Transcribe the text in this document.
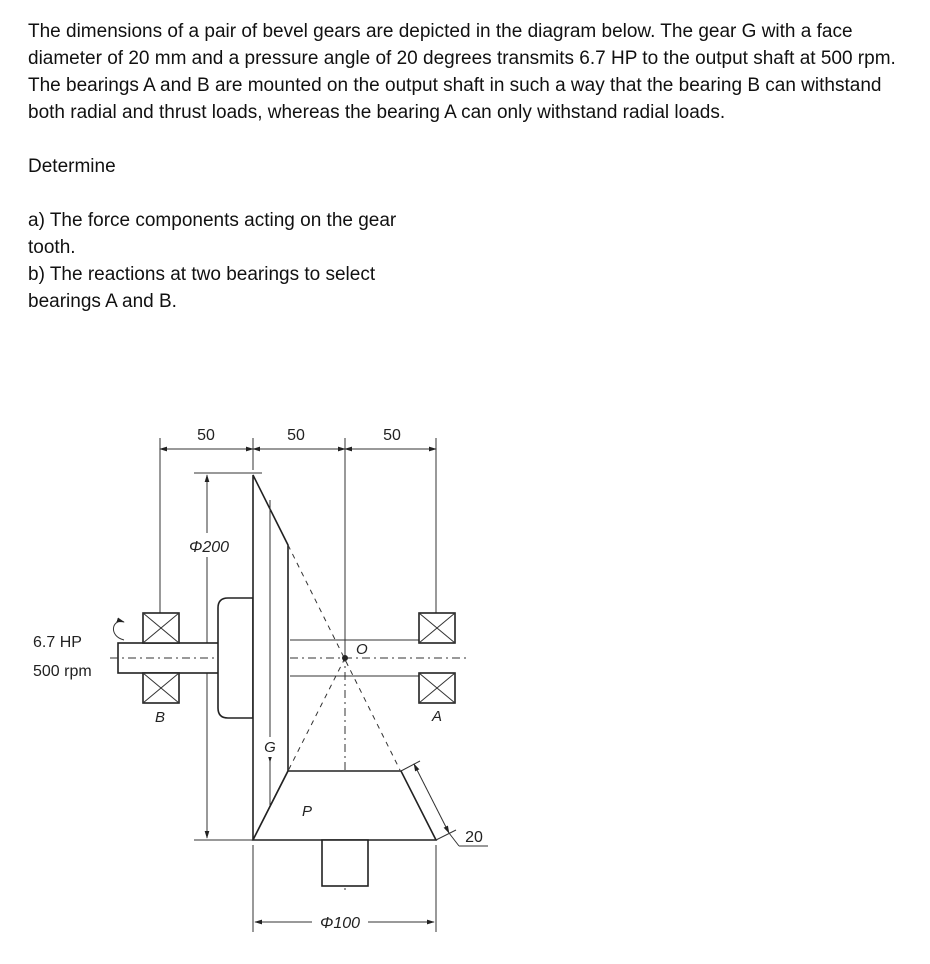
The dimensions of a pair of bevel gears are depicted in the diagram below. The gear G with a face diameter of 20 mm and a pressure angle of 20 degrees transmits 6.7 HP to the output shaft at 500 rpm. The bearings A and B are mounted on the output shaft in such a way that the bearing B can withstand both radial and thrust loads, whereas the bearing A can only withstand radial loads.

Determine

a) The force components acting on the gear tooth.

b) The reactions at two bearings to select bearings A and B.

50	50	50
Φ200
B
6.7 HP
500 rpm
G
O
A
P
20
Φ100
